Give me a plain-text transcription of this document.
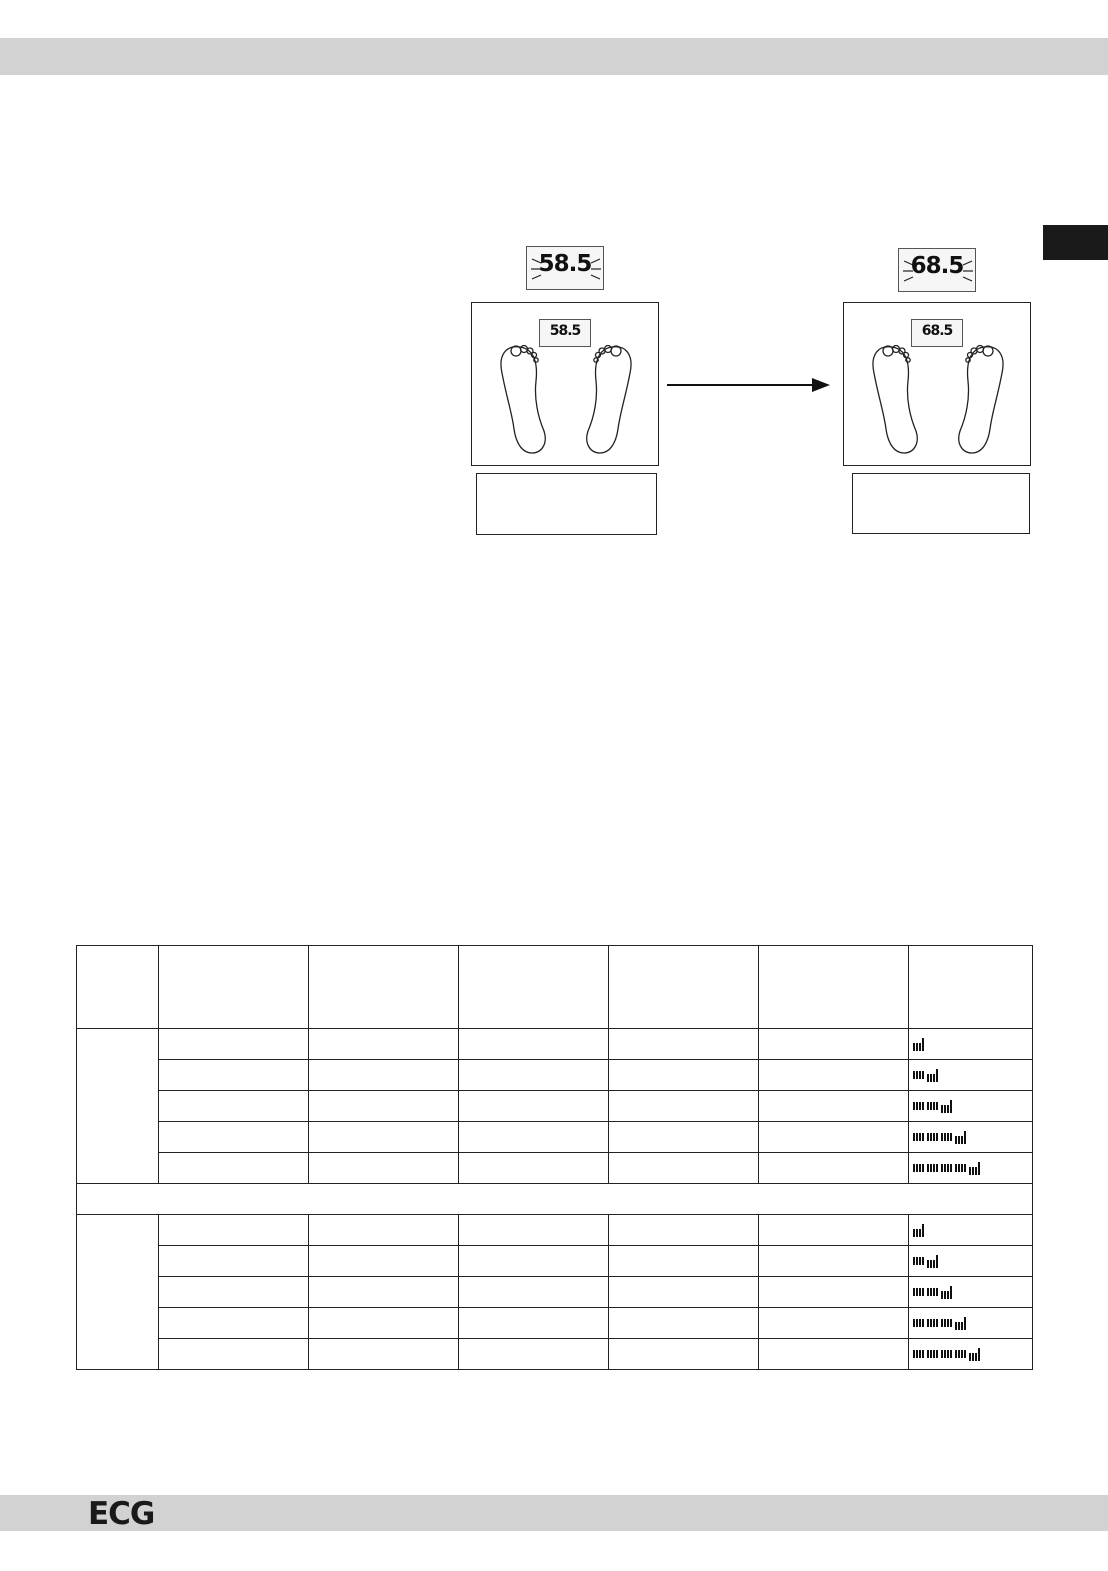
58.5	68.5
58.5	68.5

ECG
